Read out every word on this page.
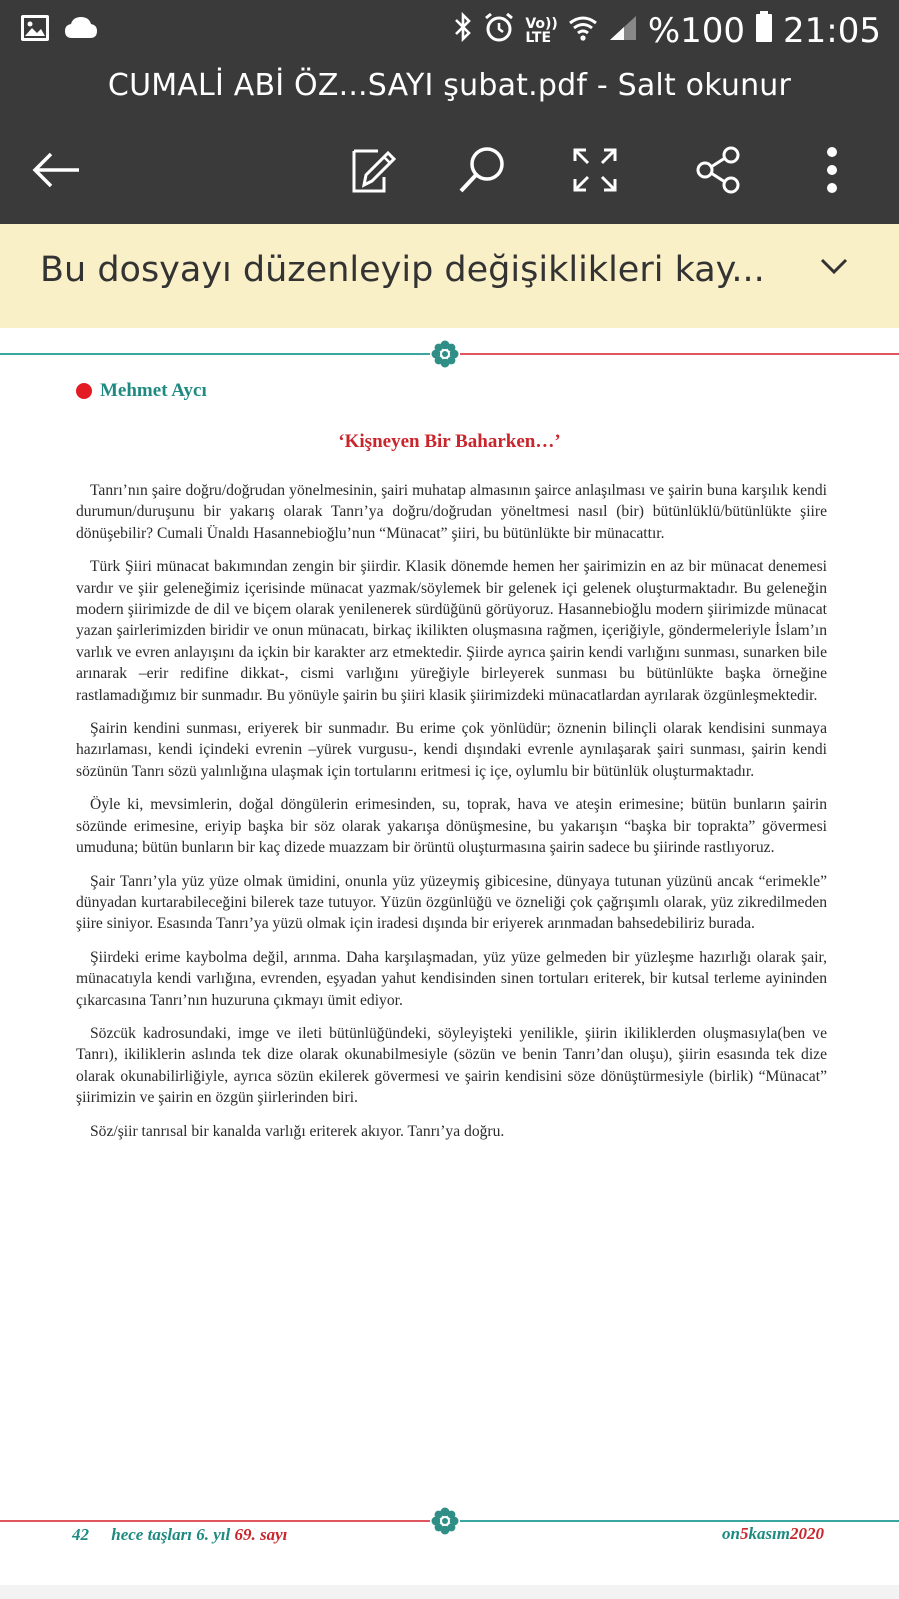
Vo))
LTE	%100 21:05
CUMALİ ABİ ÖZ...SAYI şubat.pdf - Salt okunur
Bu dosyayı düzenleyip değişiklikleri kay...
Mehmet Aycı
‘Kişneyen Bir Baharken…’

Tanrı’nın şaire doğru/doğrudan yönelmesinin, şairi muhatap almasının şairce anlaşılması ve şairin buna karşılık kendi durumun/duruşunu bir yakarış olarak Tanrı’ya doğru/doğrudan yöneltmesi nasıl (bir) bütünlüklü/bütünlükte şiire dönüşebilir? Cumali Ünaldı Hasannebioğlu’nun “Münacat” şiiri, bu bütünlükte bir münacattır.

Türk Şiiri münacat bakımından zengin bir şiirdir. Klasik dönemde hemen her şairimizin en az bir münacat denemesi vardır ve şiir geleneğimiz içerisinde münacat yazmak/söylemek bir gelenek içi gelenek oluşturmaktadır. Bu geleneğin modern şiirimizde de dil ve biçem olarak yenilenerek sürdüğünü görüyoruz. Hasannebioğlu modern şiirimizde münacat yazan şairlerimizden biridir ve onun münacatı, birkaç ikilikten oluşmasına rağmen, içeriğiyle, göndermeleriyle İslam’ın varlık ve evren anlayışını da içkin bir karakter arz etmektedir. Şiirde ayrıca şairin kendi varlığını sunması, sunarken bile arınarak –erir redifine dikkat-, cismi varlığını yüreğiyle birleyerek sunması bu bütünlükte başka örneğine rastlamadığımız bir sunmadır. Bu yönüyle şairin bu şiiri klasik şiirimizdeki münacatlardan ayrılarak özgünleşmektedir.

Şairin kendini sunması, eriyerek bir sunmadır. Bu erime çok yönlüdür; öznenin bilinçli olarak kendisini sunmaya hazırlaması, kendi içindeki evrenin –yürek vurgusu-, kendi dışındaki evrenle aynılaşarak şairi sunması, şairin kendi sözünün Tanrı sözü yalınlığına ulaşmak için tortularını eritmesi iç içe, oylumlu bir bütünlük oluşturmaktadır.

Öyle ki, mevsimlerin, doğal döngülerin erimesinden, su, toprak, hava ve ateşin erimesine; bütün bunların şairin sözünde erimesine, eriyip başka bir söz olarak yakarışa dönüşmesine, bu yakarışın “başka bir toprakta” gövermesi umuduna; bütün bunların bir kaç dizede muazzam bir örüntü oluşturmasına şairin sadece bu şiirinde rastlıyoruz.

Şair Tanrı’yla yüz yüze olmak ümidini, onunla yüz yüzeymiş gibicesine, dünyaya tutunan yüzünü ancak “erimekle” dünyadan kurtarabileceğini bilerek taze tutuyor. Yüzün özgünlüğü ve özneliği çok çağrışımlı olarak, yüz zikredilmeden şiire siniyor. Esasında Tanrı’ya yüzü olmak için iradesi dışında bir eriyerek arınmadan bahsedebiliriz burada.

Şiirdeki erime kaybolma değil, arınma. Daha karşılaşmadan, yüz yüze gelmeden bir yüzleşme hazırlığı olarak şair, münacatıyla kendi varlığına, evrenden, eşyadan yahut kendisinden sinen tortuları eriterek, bir kutsal terleme ayininden çıkarcasına Tanrı’nın huzuruna çıkmayı ümit ediyor.

Sözcük kadrosundaki, imge ve ileti bütünlüğündeki, söyleyişteki yenilikle, şiirin ikiliklerden oluşmasıyla(ben ve Tanrı), ikiliklerin aslında tek dize olarak okunabilmesiyle (sözün ve benin Tanrı’dan oluşu), şiirin esasında tek dize olarak okunabilirliğiyle, ayrıca sözün ekilerek gövermesi ve şairin kendisini söze dönüştürmesiyle (birlik) “Münacat” şiirimizin ve şairin en özgün şiirlerinden biri.

Söz/şiir tanrısal bir kanalda varlığı eriterek akıyor. Tanrı’ya doğru.

42 hece taşları 6. yıl 69. sayı	on5kasım2020
